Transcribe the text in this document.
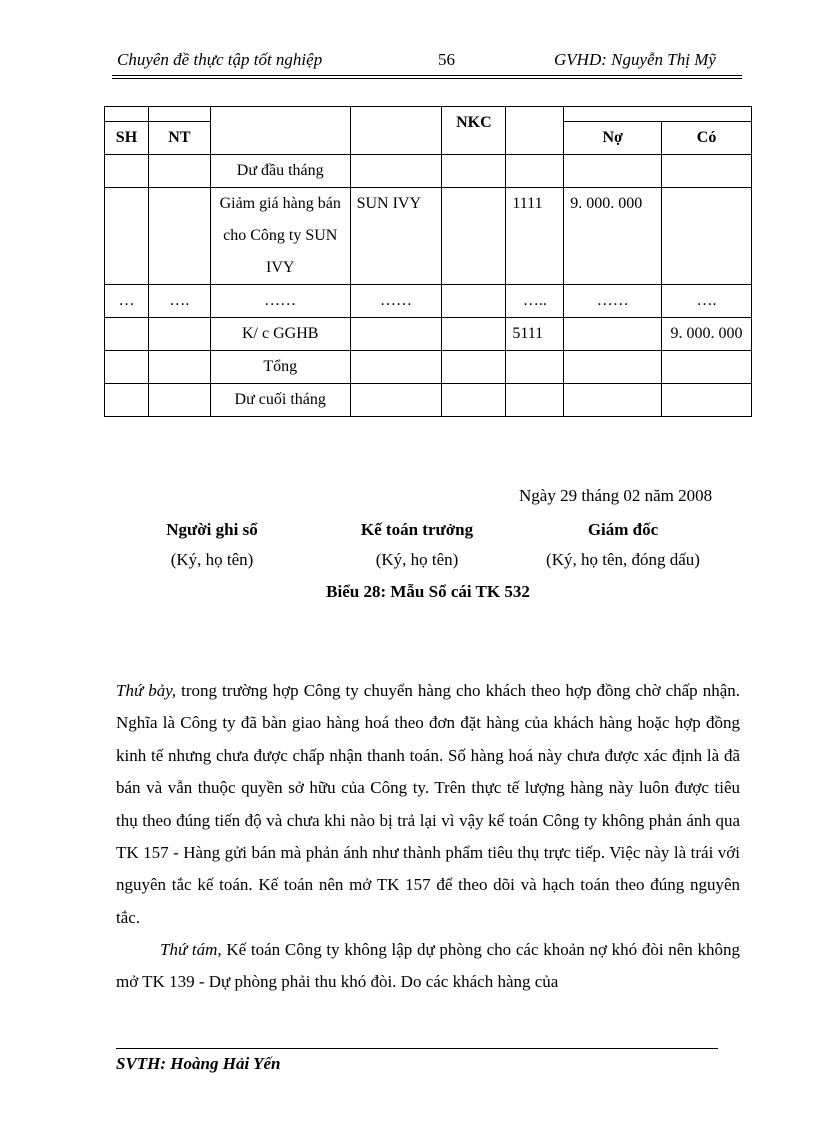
Chuyên đề thực tập tốt nghiệp	56	GVHD: Nguyễn Thị Mỹ
				NKC			
SH	NT					Nợ	Có
		Dư đầu tháng					
		Giảm giá hàng bán cho Công ty SUN IVY	SUN IVY		1111	9. 000. 000	
…	….	……	……		…..	……	….
		K/ c GGHB			5111		9. 000. 000
		Tổng					
		Dư cuối tháng					
Ngày 29 tháng 02 năm 2008
Người ghi sổ
(Ký, họ tên)
Kế toán trưởng
(Ký, họ tên)
Giám đốc
(Ký, họ tên, đóng dấu)
Biểu 28: Mẫu Sổ cái TK 532
Thứ bảy, trong trường hợp Công ty chuyển hàng cho khách theo hợp đồng chờ chấp nhận. Nghĩa là Công ty đã bàn giao hàng hoá theo đơn đặt hàng của khách hàng hoặc hợp đồng kinh tế nhưng chưa được chấp nhận thanh toán. Số hàng hoá này chưa được xác định là đã bán và vẫn thuộc quyền sở hữu của Công ty. Trên thực tế lượng hàng này luôn được tiêu thụ theo đúng tiến độ và chưa khi nào bị trả lại vì vậy kế toán Công ty không phản ánh qua TK 157 - Hàng gửi bán mà phản ánh như thành phẩm tiêu thụ trực tiếp. Việc này là trái với nguyên tắc kế toán. Kế toán nên mở TK 157 để theo dõi và hạch toán theo đúng nguyên tắc.
Thứ tám, Kế toán Công ty không lập dự phòng cho các khoản nợ khó đòi nên không mở TK 139 - Dự phòng phải thu khó đòi. Do các khách hàng của
SVTH: Hoàng Hải Yến
